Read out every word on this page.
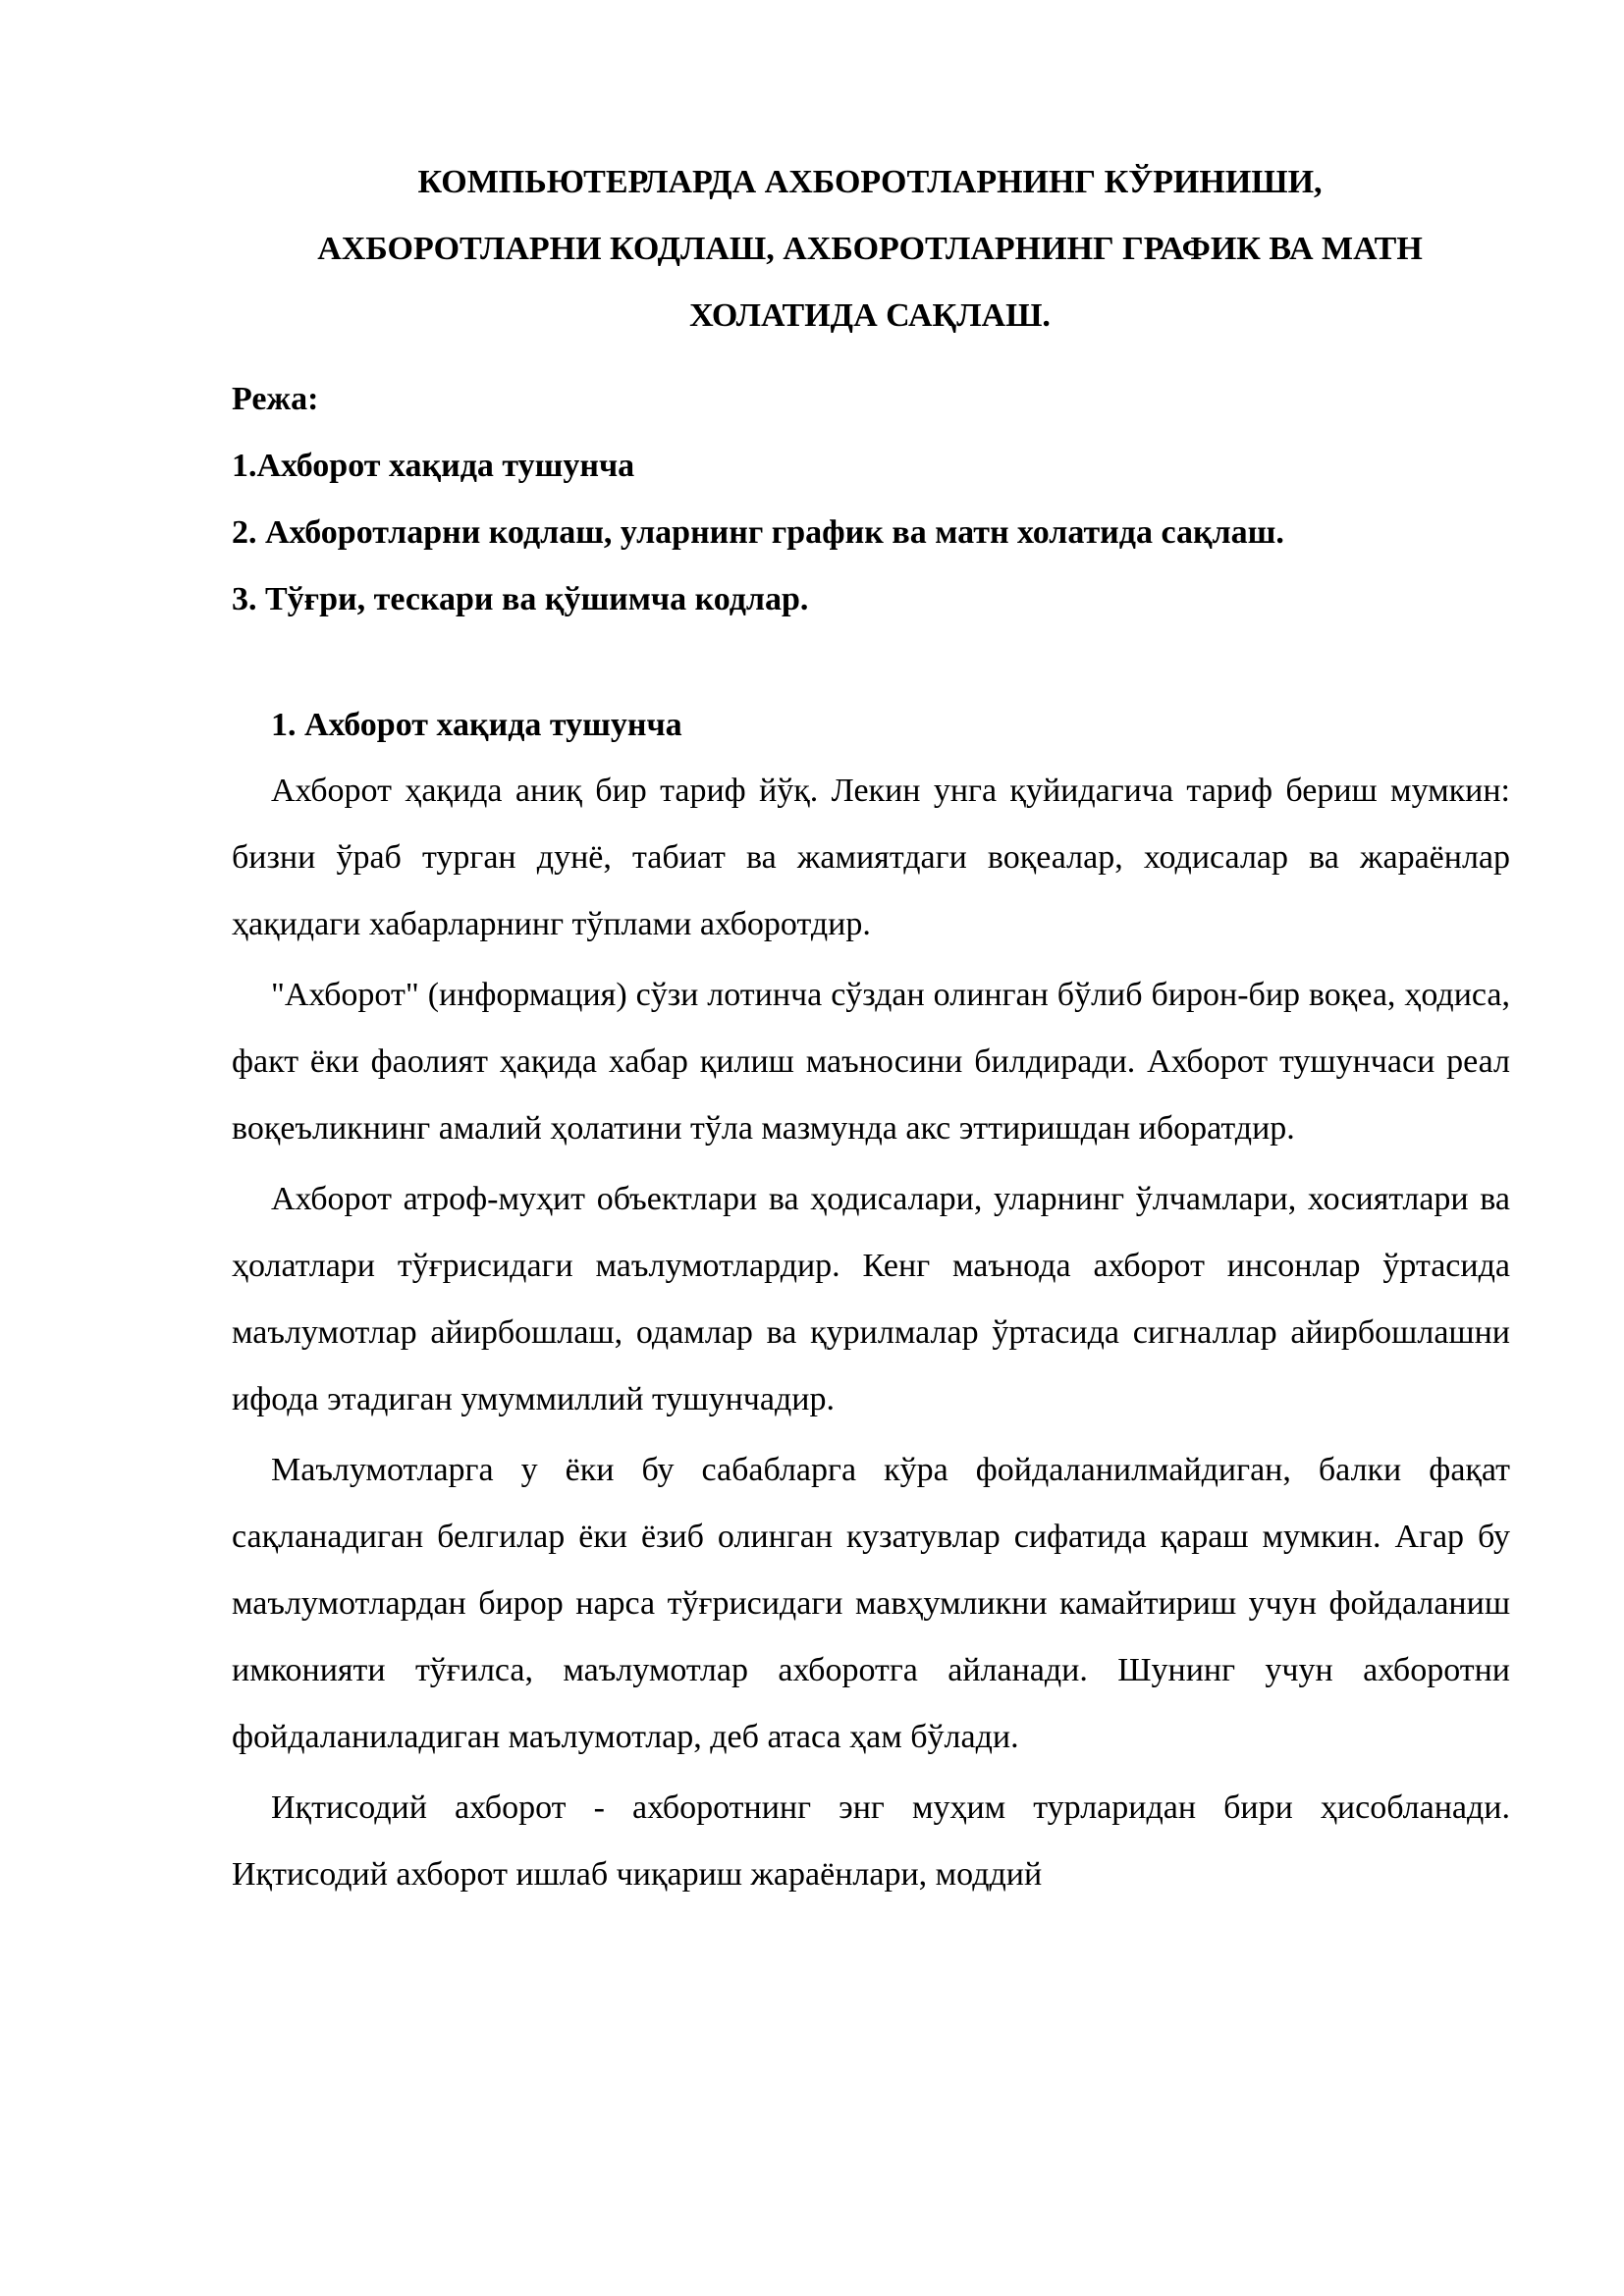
КОМПЬЮТЕРЛАРДА АХБОРОТЛАРНИНГ КЎРИНИШИ,
АХБОРОТЛАРНИ КОДЛАШ, АХБОРОТЛАРНИНГ ГРАФИК ВА МАТН
ХОЛАТИДА САҚЛАШ.
Режа:
1.Ахборот хақида тушунча
2. Ахборотларни кодлаш, уларнинг график ва матн холатида сақлаш.
3. Тўғри, тескари ва қўшимча кодлар.
1. Ахборот хақида тушунча

Ахборот ҳақида аниқ бир тариф йўқ. Лекин унга қуйидагича тариф бериш мумкин: бизни ўраб турган дунё, табиат ва жамиятдаги воқеалар, ходисалар ва жараёнлар ҳақидаги хабарларнинг тўплами ахборотдир.

"Ахборот" (информация) сўзи лотинча сўздан олинган бўлиб бирон-бир воқеа, ҳодиса, факт ёки фаолият ҳақида хабар қилиш маъносини билдиради. Ахборот тушунчаси реал воқеъликнинг амалий ҳолатини тўла мазмунда акс эттиришдан иборатдир.

Ахборот атроф-муҳит объектлари ва ҳодисалари, уларнинг ўлчамлари, хосиятлари ва ҳолатлари тўғрисидаги маълумотлардир. Кенг маънода ахборот инсонлар ўртасида маълумотлар айирбошлаш, одамлар ва қурилмалар ўртасида сигналлар айирбошлашни ифода этадиган умуммиллий тушунчадир.

Маълумотларга у ёки бу сабабларга кўра фойдаланилмайдиган, балки фақат сақланадиган белгилар ёки ёзиб олинган кузатувлар сифатида қараш мумкин. Агар бу маълумотлардан бирор нарса тўғрисидаги мавҳумликни камайтириш учун фойдаланиш имконияти тўғилса, маълумотлар ахборотга айланади. Шунинг учун ахборотни фойдаланиладиган маълумотлар, деб атаса ҳам бўлади.

Иқтисодий ахборот - ахборотнинг энг муҳим турларидан бири ҳисобланади. Иқтисодий ахборот ишлаб чиқариш жараёнлари, моддий
